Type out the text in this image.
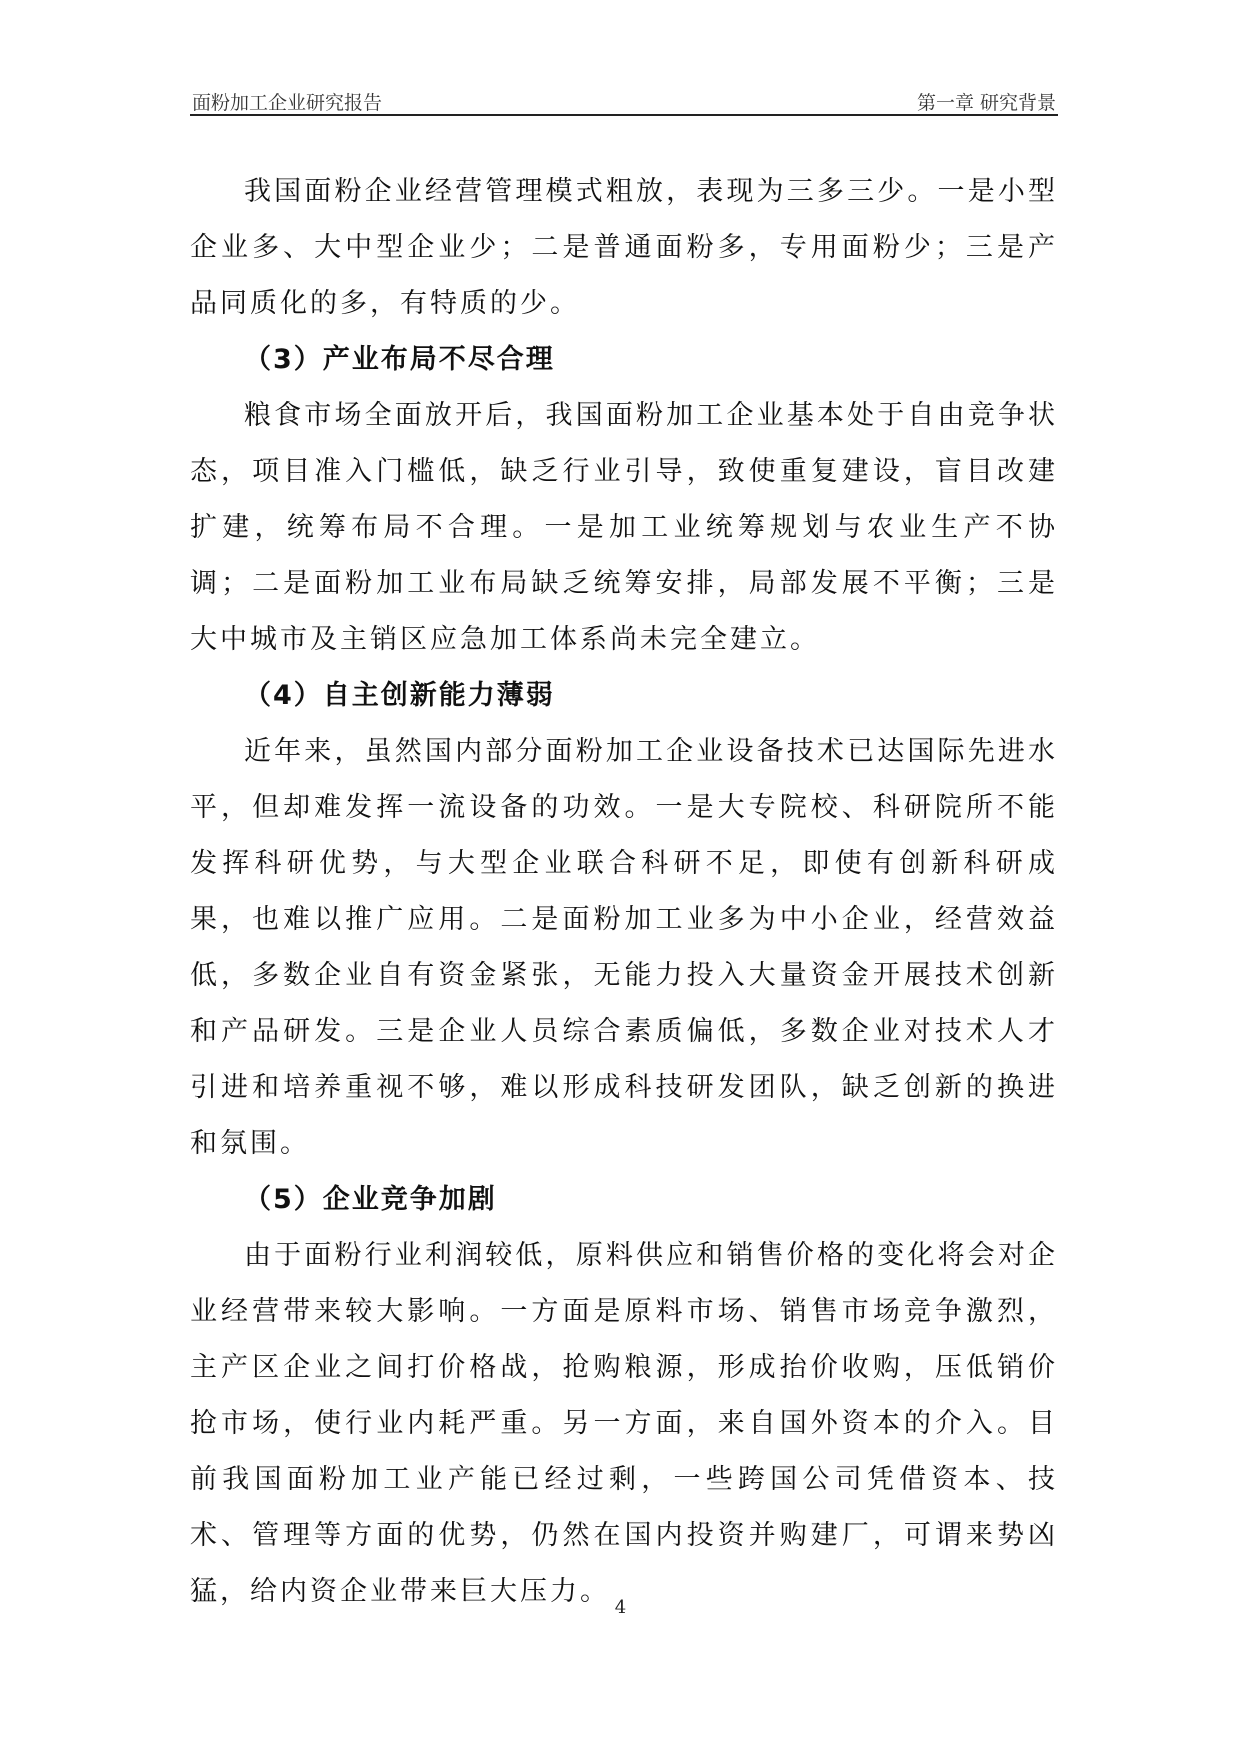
面粉加工企业研究报告	第一章 研究背景

我国面粉企业经营管理模式粗放，表现为三多三少。一是小型企业多、大中型企业少；二是普通面粉多，专用面粉少；三是产品同质化的多，有特质的少。

（3）产业布局不尽合理

粮食市场全面放开后，我国面粉加工企业基本处于自由竞争状态，项目准入门槛低，缺乏行业引导，致使重复建设，盲目改建扩建，统筹布局不合理。一是加工业统筹规划与农业生产不协调；二是面粉加工业布局缺乏统筹安排，局部发展不平衡；三是大中城市及主销区应急加工体系尚未完全建立。

（4）自主创新能力薄弱

近年来，虽然国内部分面粉加工企业设备技术已达国际先进水平，但却难发挥一流设备的功效。一是大专院校、科研院所不能发挥科研优势，与大型企业联合科研不足，即使有创新科研成果，也难以推广应用。二是面粉加工业多为中小企业，经营效益低，多数企业自有资金紧张，无能力投入大量资金开展技术创新和产品研发。三是企业人员综合素质偏低，多数企业对技术人才引进和培养重视不够，难以形成科技研发团队，缺乏创新的换进和氛围。

（5）企业竞争加剧

由于面粉行业利润较低，原料供应和销售价格的变化将会对企业经营带来较大影响。一方面是原料市场、销售市场竞争激烈，主产区企业之间打价格战，抢购粮源，形成抬价收购，压低销价抢市场，使行业内耗严重。另一方面，来自国外资本的介入。目前我国面粉加工业产能已经过剩，一些跨国公司凭借资本、技术、管理等方面的优势，仍然在国内投资并购建厂，可谓来势凶猛，给内资企业带来巨大压力。

4
